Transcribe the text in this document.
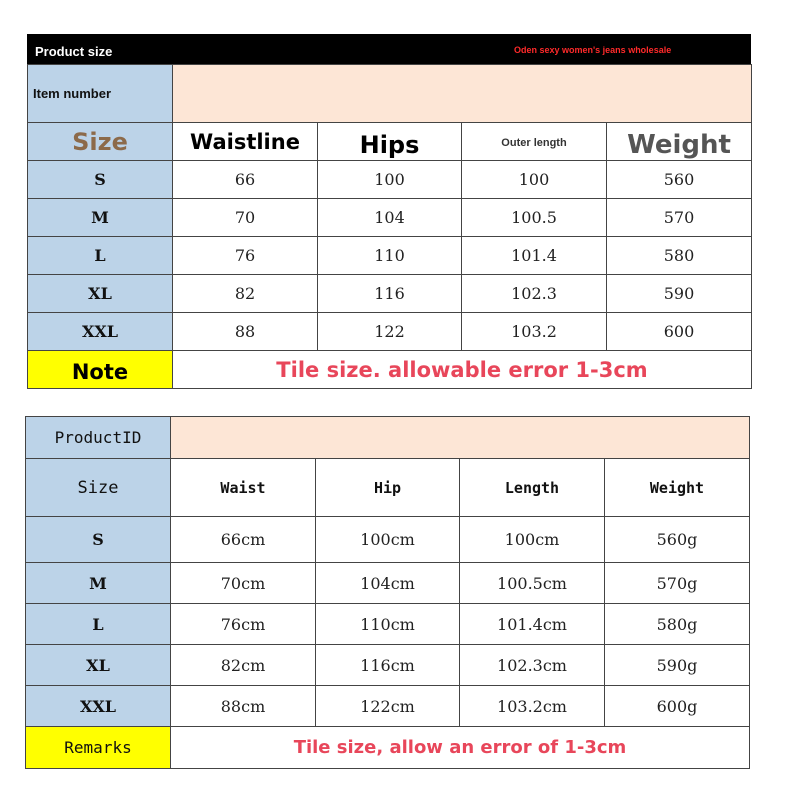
Product size	Oden sexy women's jeans wholesale
Item number				
Size	Waistline	Hips	Outer length	Weight
S	66	100	100	560
M	70	104	100.5	570
L	76	110	101.4	580
XL	82	116	102.3	590
XXL	88	122	103.2	600
Note	Tile size. allowable error 1-3cm			
ProductID				
Size	Waist	Hip	Length	Weight
S	66cm	100cm	100cm	560g
M	70cm	104cm	100.5cm	570g
L	76cm	110cm	101.4cm	580g
XL	82cm	116cm	102.3cm	590g
XXL	88cm	122cm	103.2cm	600g
Remarks	Tile size, allow an error of 1-3cm			
